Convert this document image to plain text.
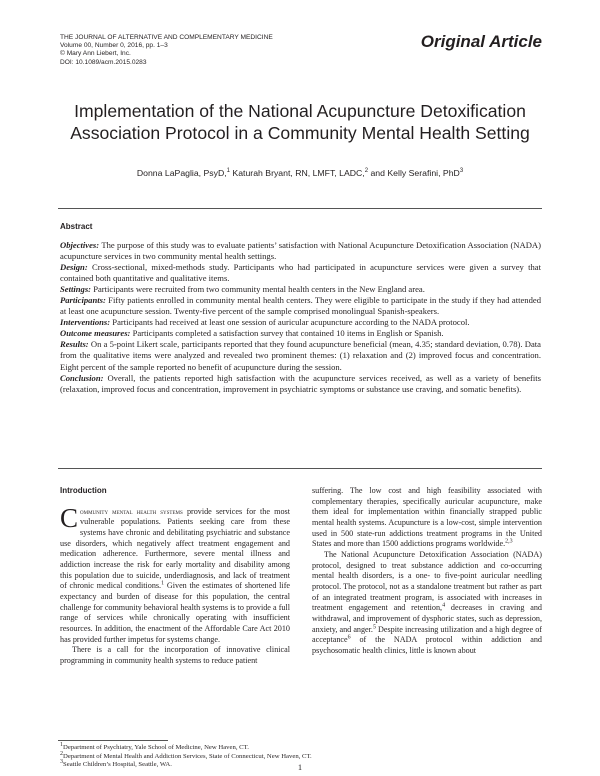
THE JOURNAL OF ALTERNATIVE AND COMPLEMENTARY MEDICINE
Volume 00, Number 0, 2016, pp. 1–3
© Mary Ann Liebert, Inc.
DOI: 10.1089/acm.2015.0283
Original Article
Implementation of the National Acupuncture Detoxification
Association Protocol in a Community Mental Health Setting
Donna LaPaglia, PsyD,$^1$ Katurah Bryant, RN, LMFT, LADC,$^2$ and Kelly Serafini, PhD$^3$
Abstract

Objectives: The purpose of this study was to evaluate patients’ satisfaction with National Acupuncture Detoxification Association (NADA) acupuncture services in two community mental health settings.

Design: Cross-sectional, mixed-methods study. Participants who had participated in acupuncture services were given a survey that contained both quantitative and qualitative items.

Settings: Participants were recruited from two community mental health centers in the New England area.

Participants: Fifty patients enrolled in community mental health centers. They were eligible to participate in the study if they had attended at least one acupuncture session. Twenty-five percent of the sample comprised monolingual Spanish-speakers.

Interventions: Participants had received at least one session of auricular acupuncture according to the NADA protocol.

Outcome measures: Participants completed a satisfaction survey that contained 10 items in English or Spanish.

Results: On a 5-point Likert scale, participants reported that they found acupuncture beneficial (mean, 4.35; standard deviation, 0.78). Data from the qualitative items were analyzed and revealed two prominent themes: (1) relaxation and (2) improved focus and concentration. Eight percent of the sample reported no benefit of acupuncture during the session.

Conclusion: Overall, the patients reported high satisfaction with the acupuncture services received, as well as a variety of benefits (relaxation, improved focus and concentration, improvement in psychiatric symptoms or substance use craving, and somatic benefits).

Introduction

Community mental health systems provide services for the most vulnerable populations. Patients seeking care from these systems have chronic and debilitating psychiatric and substance use disorders, which negatively affect treatment engagement and medication adherence. Furthermore, severe mental illness and addiction increase the risk for early mortality and disability among this population due to suicide, underdiagnosis, and lack of treatment of chronic medical conditions.$^1$ Given the estimates of shortened life expectancy and burden of disease for this population, the central challenge for community behavioral health systems is to provide a full range of services while chronically operating with insufficient resources. In addition, the enactment of the Affordable Care Act 2010 has provided further impetus for systems change.

There is a call for the incorporation of innovative clinical programming in community health systems to reduce patient

suffering. The low cost and high feasibility associated with complementary therapies, specifically auricular acupuncture, make them ideal for implementation within financially strapped public mental health systems. Acupuncture is a low-cost, simple intervention used in 500 state-run addictions treatment programs in the United States and more than 1500 addictions programs worldwide.$^{2,3}$

The National Acupuncture Detoxification Association (NADA) protocol, designed to treat substance addiction and co-occurring mental health disorders, is a one- to five-point auricular needling protocol. The protocol, not as a standalone treatment but rather as part of an integrated treatment program, is associated with increases in treatment engagement and retention,$^4$ decreases in craving and withdrawal, and improvement of dysphoric states, such as depression, anxiety, and anger.$^5$ Despite increasing utilization and a high degree of acceptance$^6$ of the NADA protocol within addiction and psychosomatic health clinics, little is known about

$^1$Department of Psychiatry, Yale School of Medicine, New Haven, CT.
$^2$Department of Mental Health and Addiction Services, State of Connecticut, New Haven, CT.
$^3$Seattle Children’s Hospital, Seattle, WA.	1
